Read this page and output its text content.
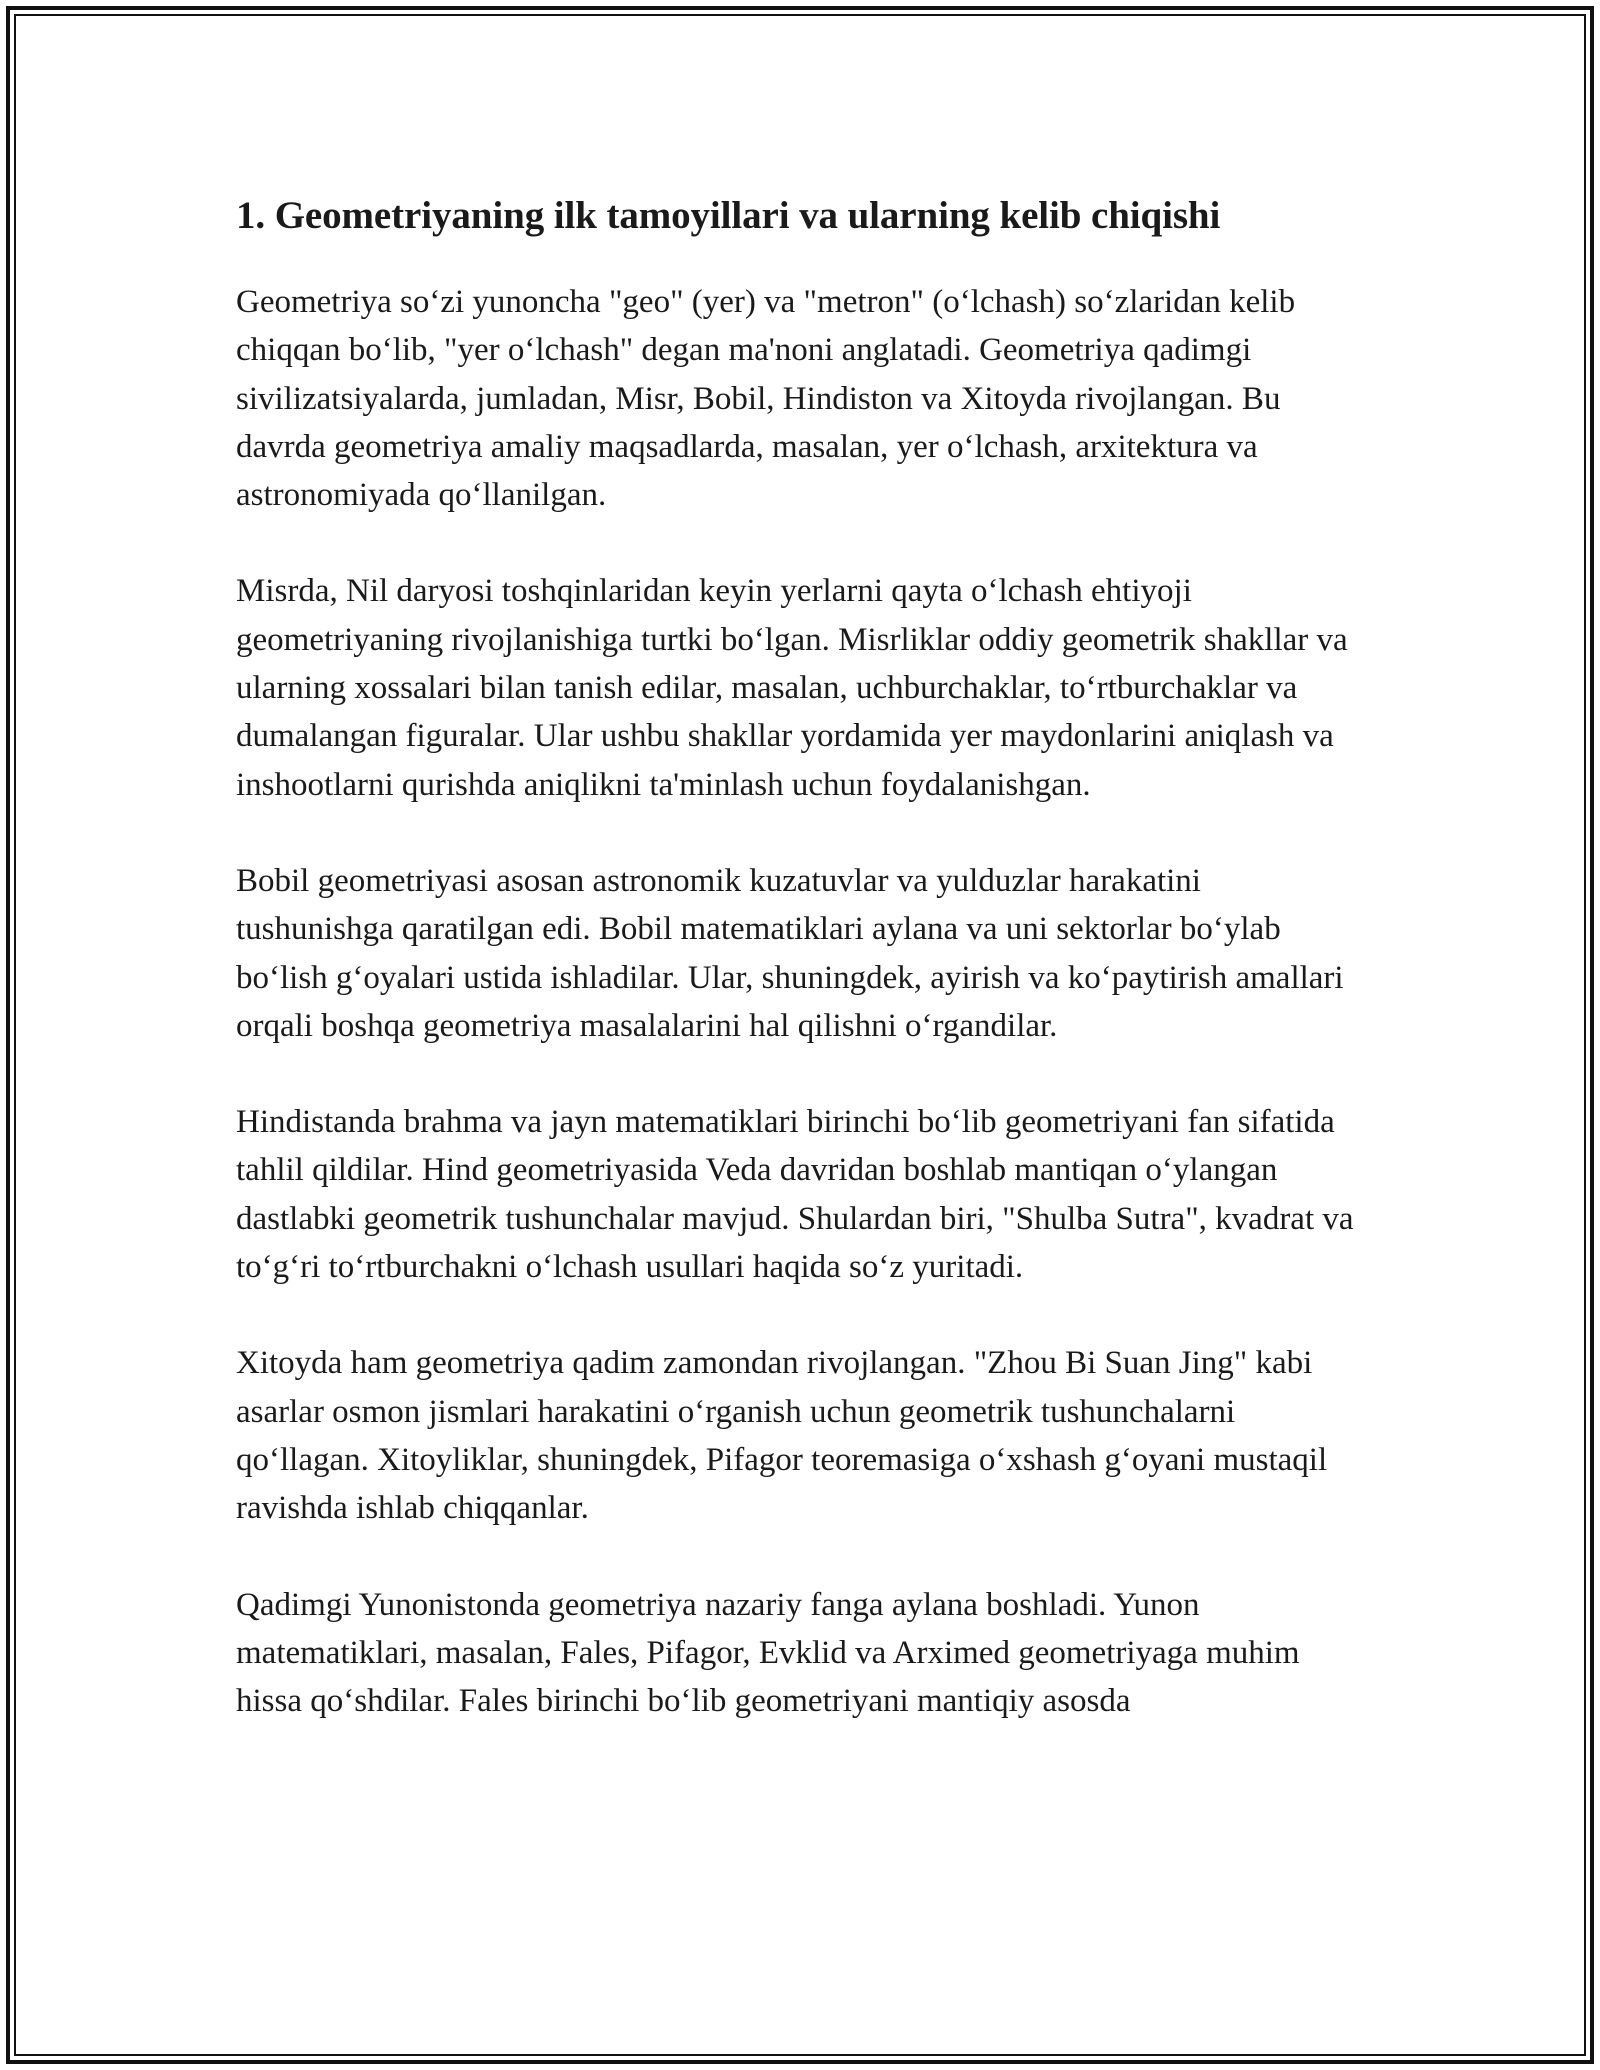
1. Geometriyaning ilk tamoyillari va ularning kelib chiqishi

Geometriya so‘zi yunoncha "geo" (yer) va "metron" (o‘lchash) so‘zlaridan kelib chiqqan bo‘lib, "yer o‘lchash" degan ma'noni anglatadi. Geometriya qadimgi sivilizatsiyalarda, jumladan, Misr, Bobil, Hindiston va Xitoyda rivojlangan. Bu davrda geometriya amaliy maqsadlarda, masalan, yer o‘lchash, arxitektura va astronomiyada qo‘llanilgan.

Misrda, Nil daryosi toshqinlaridan keyin yerlarni qayta o‘lchash ehtiyoji geometriyaning rivojlanishiga turtki bo‘lgan. Misrliklar oddiy geometrik shakllar va ularning xossalari bilan tanish edilar, masalan, uchburchaklar, to‘rtburchaklar va dumalangan figuralar. Ular ushbu shakllar yordamida yer maydonlarini aniqlash va inshootlarni qurishda aniqlikni ta'minlash uchun foydalanishgan.

Bobil geometriyasi asosan astronomik kuzatuvlar va yulduzlar harakatini tushunishga qaratilgan edi. Bobil matematiklari aylana va uni sektorlar bo‘ylab bo‘lish g‘oyalari ustida ishladilar. Ular, shuningdek, ayirish va ko‘paytirish amallari orqali boshqa geometriya masalalarini hal qilishni o‘rgandilar.

Hindistanda brahma va jayn matematiklari birinchi bo‘lib geometriyani fan sifatida tahlil qildilar. Hind geometriyasida Veda davridan boshlab mantiqan o‘ylangan dastlabki geometrik tushunchalar mavjud. Shulardan biri, "Shulba Sutra", kvadrat va to‘g‘ri to‘rtburchakni o‘lchash usullari haqida so‘z yuritadi.

Xitoyda ham geometriya qadim zamondan rivojlangan. "Zhou Bi Suan Jing" kabi asarlar osmon jismlari harakatini o‘rganish uchun geometrik tushunchalarni qo‘llagan. Xitoyliklar, shuningdek, Pifagor teoremasiga o‘xshash g‘oyani mustaqil ravishda ishlab chiqqanlar.

Qadimgi Yunonistonda geometriya nazariy fanga aylana boshladi. Yunon matematiklari, masalan, Fales, Pifagor, Evklid va Arximed geometriyaga muhim hissa qo‘shdilar. Fales birinchi bo‘lib geometriyani mantiqiy asosda
